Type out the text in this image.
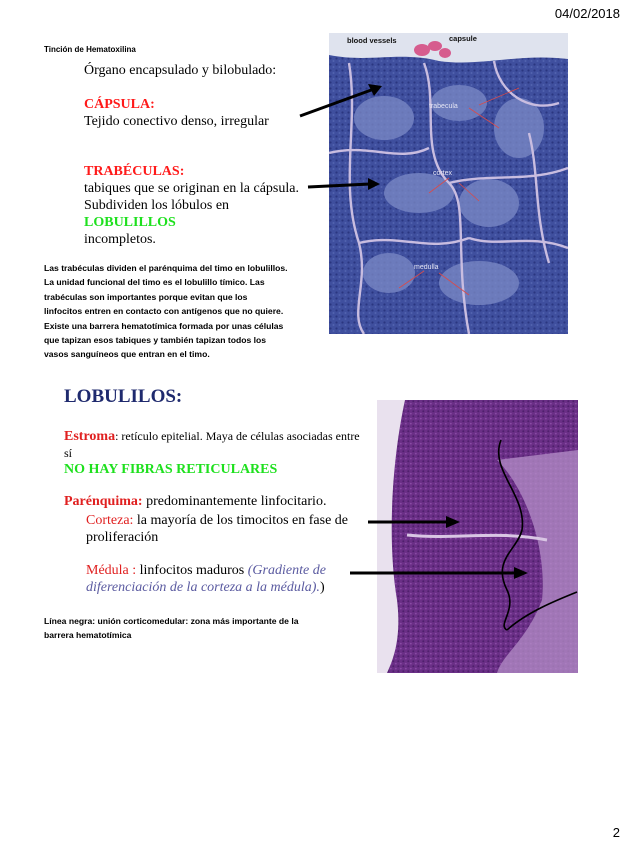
04/02/2018
2
Tinción de Hematoxilina
Órgano encapsulado y bilobulado:
CÁPSULA:
Tejido conectivo denso, irregular
TRABÉCULAS:
tabiques que se originan en la cápsula.
Subdividen los lóbulos en
LOBULILLOS
incompletos.
Las trabéculas dividen el parénquima del timo en lobulillos.
La unidad funcional del timo es el lobulillo tímico. Las
trabéculas son importantes porque evitan que los
linfocitos entren en contacto con antígenos que no quiere.
Existe una barrera hematotímica formada por unas células
que tapizan esos tabiques y también tapizan todos los
vasos sanguíneos que entran en el timo.
blood vessels	capsule
trabecula
cortex
medulla
LOBULILOS:
Estroma: retículo epitelial. Maya de células asociadas entre
sí
NO HAY FIBRAS RETICULARES
Parénquima: predominantemente linfocitario.
Corteza: la mayoría de los timocitos en fase de
proliferación
Médula : linfocitos maduros (Gradiente de
diferenciación de la corteza a la médula).)
Línea negra: unión corticomedular: zona más importante de la
barrera hematotímica
